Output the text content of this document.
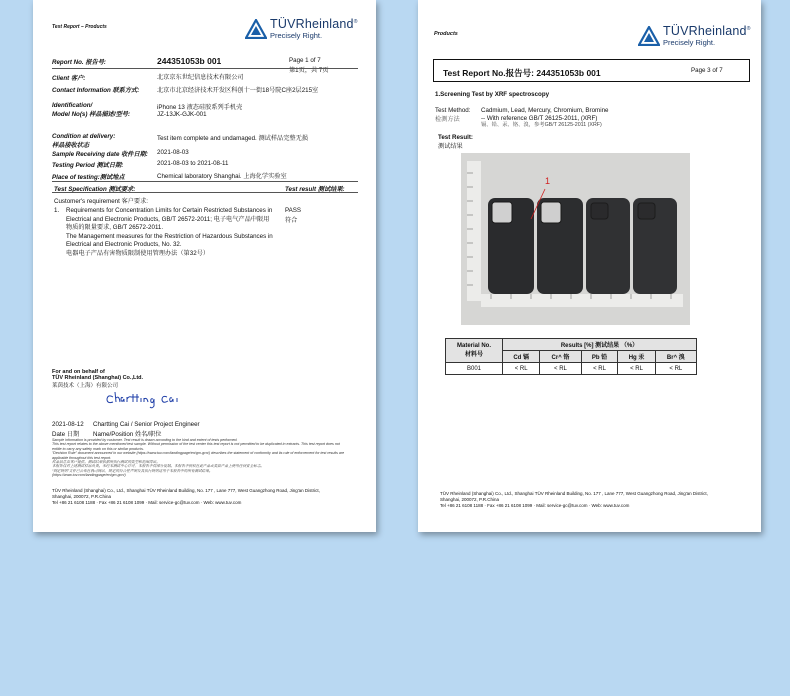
Test Report – Products	TÜVRheinland®
Precisely Right.
Report No. 报告号:	244351053b 001	Page 1 of 7
第1页，共 7页
Client 客户:	北京京东世纪信息技术有限公司
Contact Information 联系方式:	北京市北京经济技术开发区科创十一街18号院C座2层215室
Identification/
Model No(s) 样品描述/型号:
iPhone 13 液态硅胶系列手机壳
JZ-13JK-GJK-001
Condition at delivery:
样品接收状态
Test item complete and undamaged. 测试样品完整无损
Sample Receiving date 收件日期: 2021-08-03
Testing Period 测试日期:	2021-08-03 to 2021-08-11
Place of testing:测试地点	Chemical laboratory Shanghai. 上海化学实验室
Test Specification 测试要求:	Test result 测试结果:
Customer's requirement 客户要求:
1. Requirements for Concentration Limits for Certain Restricted Substances in
Electrical and Electronic Products, GB/T 26572-2011; 电子电气产品中限用
物质的限量要求, GB/T 26572-2011.
The Management measures for the Restriction of Hazardous Substances in
Electrical and Electronic Products, No. 32.
电器电子产品有害物质限制使用管理办法（第32号）
PASS
符合
For and on behalf of
TÜV Rheinland (Shanghai) Co.,Ltd.
莱茵技术（上海）有限公司
2021-08-12
Date 日期
Chartting Cai / Senior Project Engineer
Name/Position 姓名/职位
Sample information is provided by customer. Test result is drawn according to the kind and extent of tests performed.
This test report relates to the above mentioned test sample. Without permission of the test center this test report is not permitted to be duplicated in extracts. This test report does not
entitle to carry any safety mark on this or similar products.
"Decision Rule" document announced in our website (https://www.tuv.com/landingpage/en/gm-gcn/) describes the statement of conformity and its rule of enforcement for test results are
applicable throughout this test report.
样品信息由客户提供。测试结果依据所执行测试的类型和范围得出。
本报告仅对上述测试样品负责。未经本测试中心许可，本报告不得部分复制。本报告不授权在此产品或类似产品上使用任何安全标志。
“判定规则”文件已公布在我司网站，规定的符合性声明及其执行规则适用于本报告中的所有测试结果。
(https://www.tuv.com/landingpage/en/gm-gcn/)
TÜV Rheinland (Shanghai) Co., Ltd., Shanghai TÜV Rheinland Building, No. 177 , Lane 777, West Guangzhong Road, Jing'an District,
Shanghai, 200072, P.R.China
Tel +86 21 6108 1188 · Fax +86 21 6108 1099 · Mail: service-gc@tuv.com · Web: www.tuv.com
Products	TÜVRheinland®
Precisely Right.
Test Report No.报告号: 244351053b 001	Page 3 of 7
1.Screening Test by XRF spectroscopy
Test Method:
检测方法
Cadmium, Lead, Mercury, Chromium, Bromine
-- With reference GB/T 26125-2011, (XRF)
镉、铅、汞、铬、溴，参考GB/T 26125-2011 (XRF)
Test Result:
测试结果
1
Material No.
材料号	Results [%] 测试结果 （%）				
	Cd 镉	Cr^ 铬	Pb 铅	Hg 汞	Br^ 溴
B001	< RL	< RL	< RL	< RL	< RL
TÜV Rheinland (Shanghai) Co., Ltd., Shanghai TÜV Rheinland Building, No. 177 , Lane 777, West Guangzhong Road, Jing'an District,
Shanghai, 200072, P.R.China
Tel +86 21 6108 1188 · Fax +86 21 6108 1099 · Mail: service-gc@tuv.com · Web: www.tuv.com
